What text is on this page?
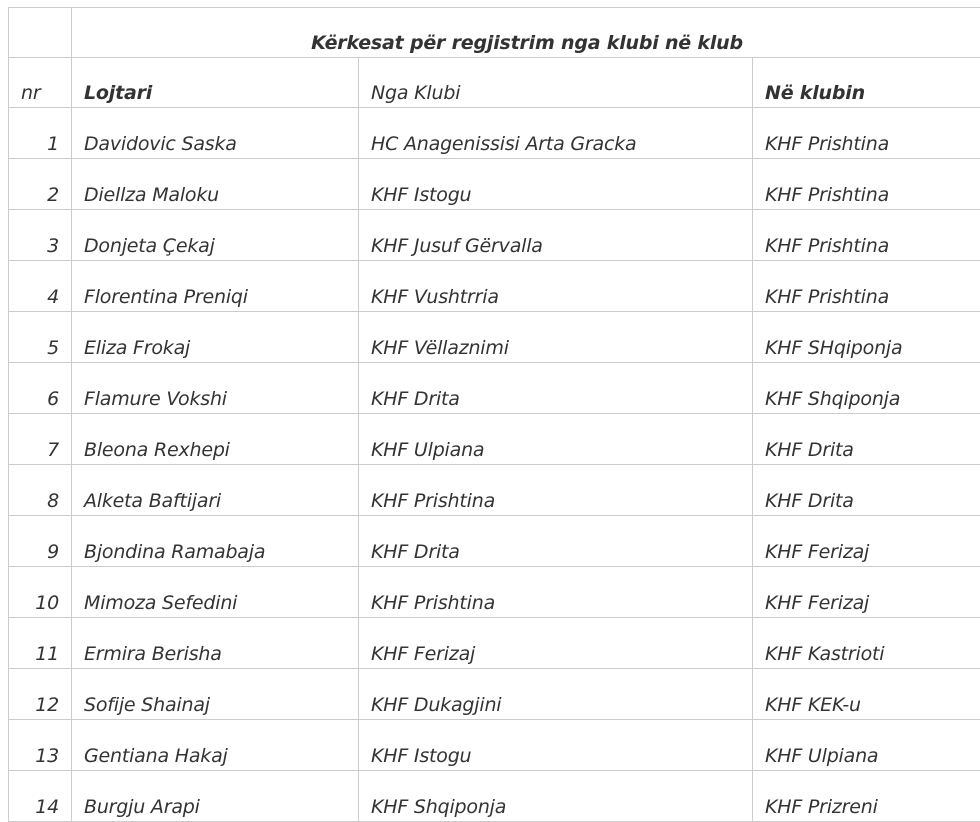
	Kërkesat për regjistrim nga klubi në klub		
nr	Lojtari	Nga Klubi	Në klubin
1	Davidovic Saska	HC Anagenissisi Arta Gracka	KHF Prishtina
2	Diellza Maloku	KHF Istogu	KHF Prishtina
3	Donjeta Çekaj	KHF Jusuf Gërvalla	KHF Prishtina
4	Florentina Preniqi	KHF Vushtrria	KHF Prishtina
5	Eliza Frokaj	KHF Vëllaznimi	KHF SHqiponja
6	Flamure Vokshi	KHF Drita	KHF Shqiponja
7	Bleona Rexhepi	KHF Ulpiana	KHF Drita
8	Alketa Baftijari	KHF Prishtina	KHF Drita
9	Bjondina Ramabaja	KHF Drita	KHF Ferizaj
10	Mimoza Sefedini	KHF Prishtina	KHF Ferizaj
11	Ermira Berisha	KHF Ferizaj	KHF Kastrioti
12	Sofije Shainaj	KHF Dukagjini	KHF KEK-u
13	Gentiana Hakaj	KHF Istogu	KHF Ulpiana
14	Burgju Arapi	KHF Shqiponja	KHF Prizreni
